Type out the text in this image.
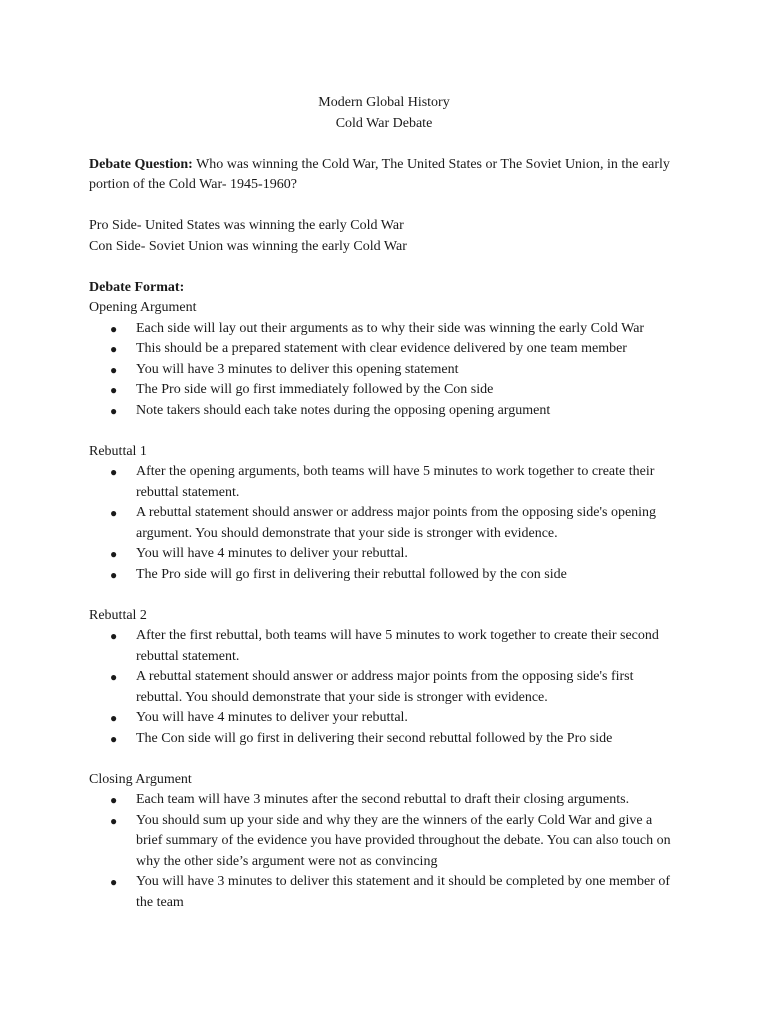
Modern Global History
Cold War Debate

Debate Question: Who was winning the Cold War, The United States or The Soviet Union, in the early portion of the Cold War- 1945-1960?

Pro Side- United States was winning the early Cold War

Con Side- Soviet Union was winning the early Cold War

Debate Format:

Opening Argument

● Each side will lay out their arguments as to why their side was winning the early Cold War
● This should be a prepared statement with clear evidence delivered by one team member
● You will have 3 minutes to deliver this opening statement
● The Pro side will go first immediately followed by the Con side
● Note takers should each take notes during the opposing opening argument

Rebuttal 1

● After the opening arguments, both teams will have 5 minutes to work together to create their rebuttal statement.
● A rebuttal statement should answer or address major points from the opposing side's opening argument. You should demonstrate that your side is stronger with evidence.
● You will have 4 minutes to deliver your rebuttal.
● The Pro side will go first in delivering their rebuttal followed by the con side

Rebuttal 2

● After the first rebuttal, both teams will have 5 minutes to work together to create their second rebuttal statement.
● A rebuttal statement should answer or address major points from the opposing side's first rebuttal. You should demonstrate that your side is stronger with evidence.
● You will have 4 minutes to deliver your rebuttal.
● The Con side will go first in delivering their second rebuttal followed by the Pro side

Closing Argument

● Each team will have 3 minutes after the second rebuttal to draft their closing arguments.
● You should sum up your side and why they are the winners of the early Cold War and give a brief summary of the evidence you have provided throughout the debate. You can also touch on why the other side’s argument were not as convincing
● You will have 3 minutes to deliver this statement and it should be completed by one member of the team
